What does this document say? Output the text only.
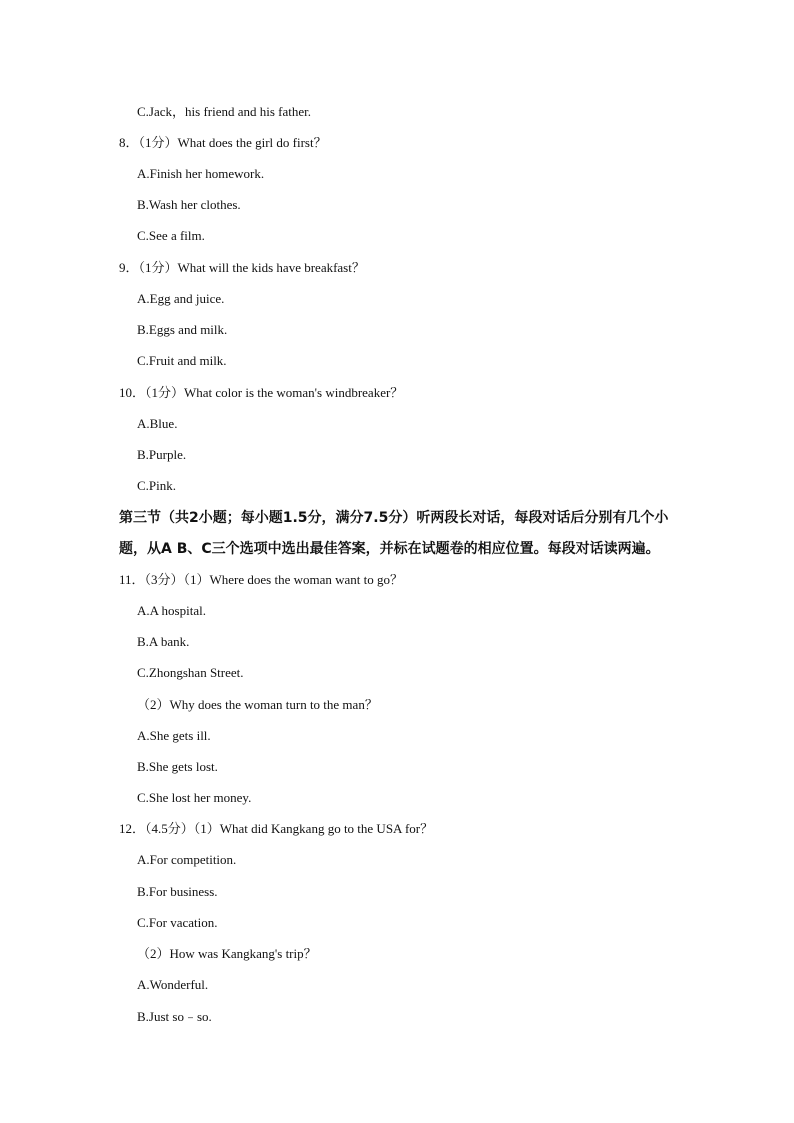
C.Jack，his friend and his father.
8．（1分）What does the girl do first？
A.Finish her homework.
B.Wash her clothes.
C.See a film.
9．（1分）What will the kids have breakfast？
A.Egg and juice.
B.Eggs and milk.
C.Fruit and milk.
10．（1分）What color is the woman's windbreaker？
A.Blue.
B.Purple.
C.Pink.
第三节（共2小题；每小题1.5分，满分7.5分）听两段长对话，每段对话后分别有几个小
题，从A B、C三个选项中选出最佳答案，并标在试题卷的相应位置。每段对话读两遍。
11．（3分）（1）Where does the woman want to go？
A.A hospital.
B.A bank.
C.Zhongshan Street.
（2）Why does the woman turn to the man？
A.She gets ill.
B.She gets lost.
C.She lost her money.
12．（4.5分）（1）What did Kangkang go to the USA for？
A.For competition.
B.For business.
C.For vacation.
（2）How was Kangkang's trip？
A.Wonderful.
B.Just so﹣so.
